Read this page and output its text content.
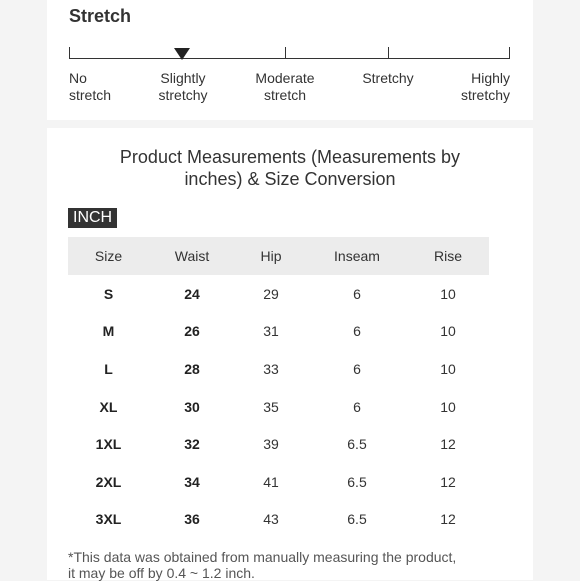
Stretch
No
stretch
Slightly
stretchy
Moderate
stretch
Stretchy	Highly
stretchy
Product Measurements (Measurements by inches) & Size Conversion
INCH
Size	Waist	Hip	Inseam	Rise
S	24	29	6	10
M	26	31	6	10
L	28	33	6	10
XL	30	35	6	10
1XL	32	39	6.5	12
2XL	34	41	6.5	12
3XL	36	43	6.5	12
*This data was obtained from manually measuring the product,
it may be off by 0.4 ~ 1.2 inch.
